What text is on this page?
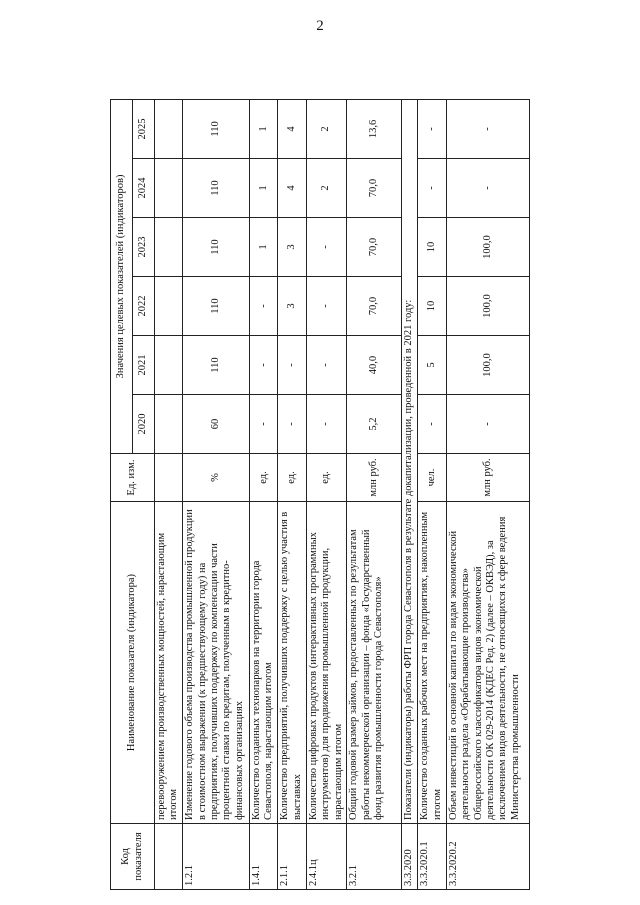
2
Код показателя	Наименование показателя (индикатора)	Ед. изм.	Значения целевых показателей (индикаторов)					
			2020	2021	2022	2023	2024	2025
	перевооружением производственных мощностей, нарастающим итогом							
1.2.1	Изменение годового объема производства промышленной продукции в стоимостном выражении (к предшествующему году) на предприятиях, получивших поддержку по компенсации части процентной ставки по кредитам, полученным в кредитно-финансовых организациях	%	60	110	110	110	110	110
1.4.1	Количество созданных технопарков на территории города Севастополя, нарастающим итогом	ед.	-	-	-	1	1	1
2.1.1	Количество предприятий, получивших поддержку с целью участия в выставках	ед.	-	-	3	3	4	4
2.4.1ц	Количество цифровых продуктов (интерактивных программных инструментов) для продвижения промышленной продукции, нарастающим итогом	ед.	-	-	-	-	2	2
3.2.1	Общий годовой размер займов, предоставленных по результатам работы некоммерческой организации – фонда «Государственный фонд развития промышленности города Севастополя»	млн руб.	5,2	40,0	70,0	70,0	70,0	13,6
3.3.2020	Показатели (индикаторы) работы ФРП города Севастополя в результате докапитализации, проведенной в 2021 году:							
3.3.2020.1	Количество созданных рабочих мест на предприятиях, накопленным итогом	чел.	-	5	10	10	-	-
3.3.2020.2	Объем инвестиций в основной капитал по видам экономической деятельности раздела «Обрабатывающие производства» Общероссийского классификатора видов экономической деятельности ОК 029-2014 (КДЕС Ред. 2) (далее – ОКВЭД), за исключением видов деятельности, не относящихся к сфере ведения Министерства промышленности	млн руб.	-	100,0	100,0	100,0	-	-
